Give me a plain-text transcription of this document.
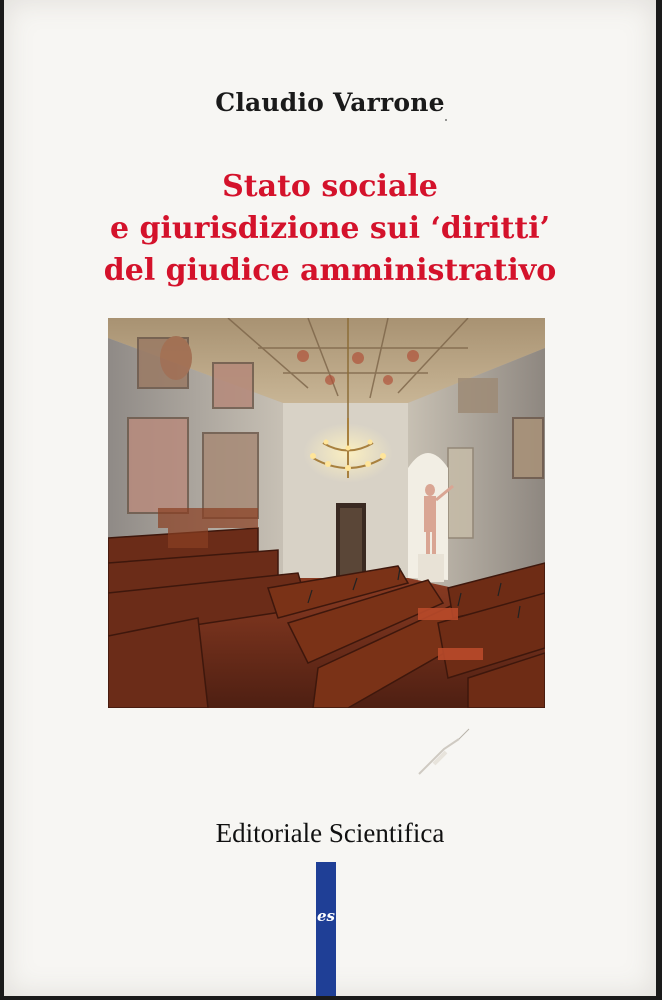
Claudio Varrone
Stato sociale
e giurisdizione sui ‘diritti’
del giudice amministrativo
Editoriale Scientifica
es
